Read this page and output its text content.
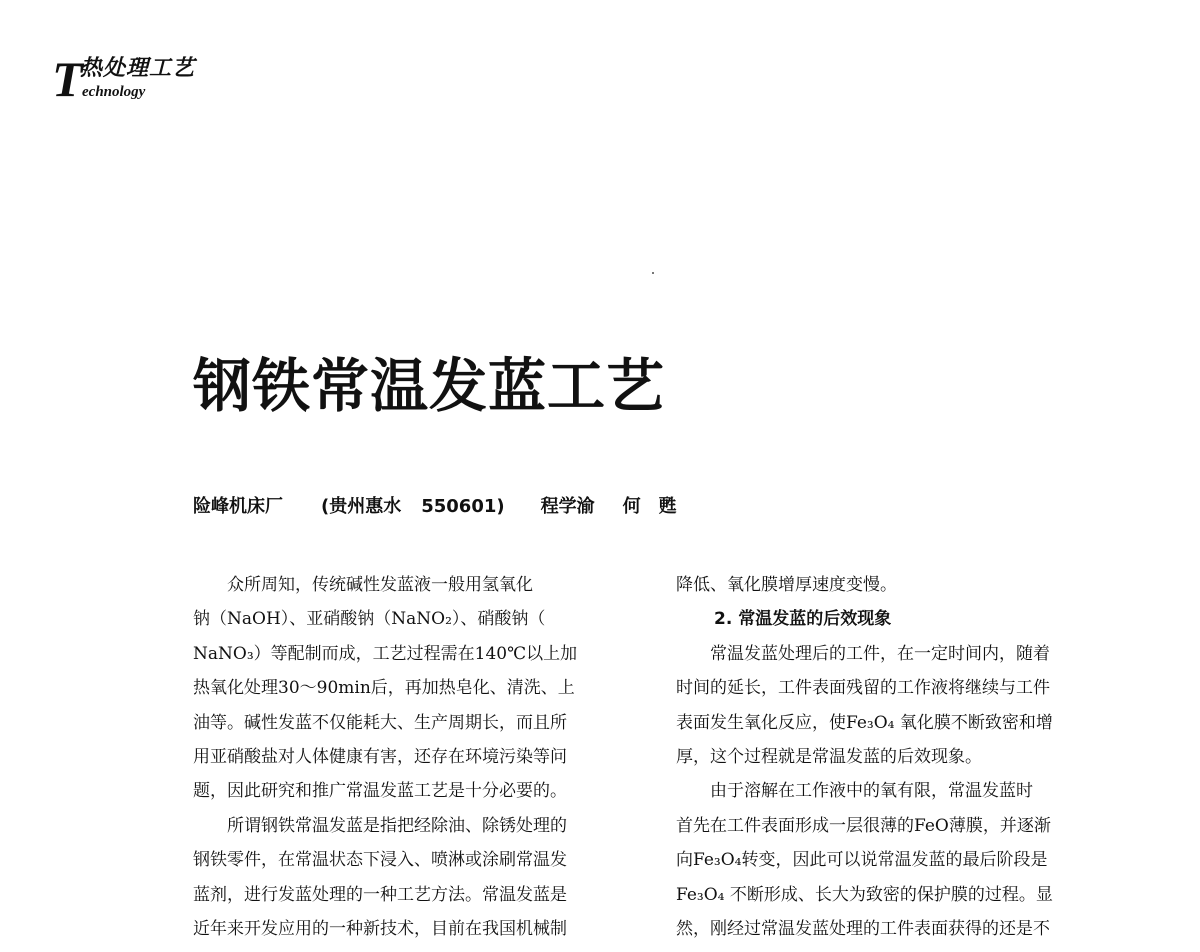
T
热处理工艺
echnology
钢铁常温发蓝工艺
险峰机床厂 (贵州惠水 550601) 程学渝 何 甦

众所周知，传统碱性发蓝液一般用氢氧化

钠（NaOH）、亚硝酸钠（NaNO₂）、硝酸钠（

NaNO₃）等配制而成，工艺过程需在140℃以上加

热氧化处理30～90min后，再加热皂化、清洗、上

油等。碱性发蓝不仅能耗大、生产周期长，而且所

用亚硝酸盐对人体健康有害，还存在环境污染等问

题，因此研究和推广常温发蓝工艺是十分必要的。

所谓钢铁常温发蓝是指把经除油、除锈处理的

钢铁零件，在常温状态下浸入、喷淋或涂刷常温发

蓝剂，进行发蓝处理的一种工艺方法。常温发蓝是

近年来开发应用的一种新技术，目前在我国机械制

降低、氧化膜增厚速度变慢。

2. 常温发蓝的后效现象

常温发蓝处理后的工件，在一定时间内，随着

时间的延长，工件表面残留的工作液将继续与工件

表面发生氧化反应，使Fe₃O₄ 氧化膜不断致密和增

厚，这个过程就是常温发蓝的后效现象。

由于溶解在工作液中的氧有限，常温发蓝时

首先在工件表面形成一层很薄的FeO薄膜，并逐渐

向Fe₃O₄转变，因此可以说常温发蓝的最后阶段是

Fe₃O₄ 不断形成、长大为致密的保护膜的过程。显

然，刚经过常温发蓝处理的工件表面获得的还是不
